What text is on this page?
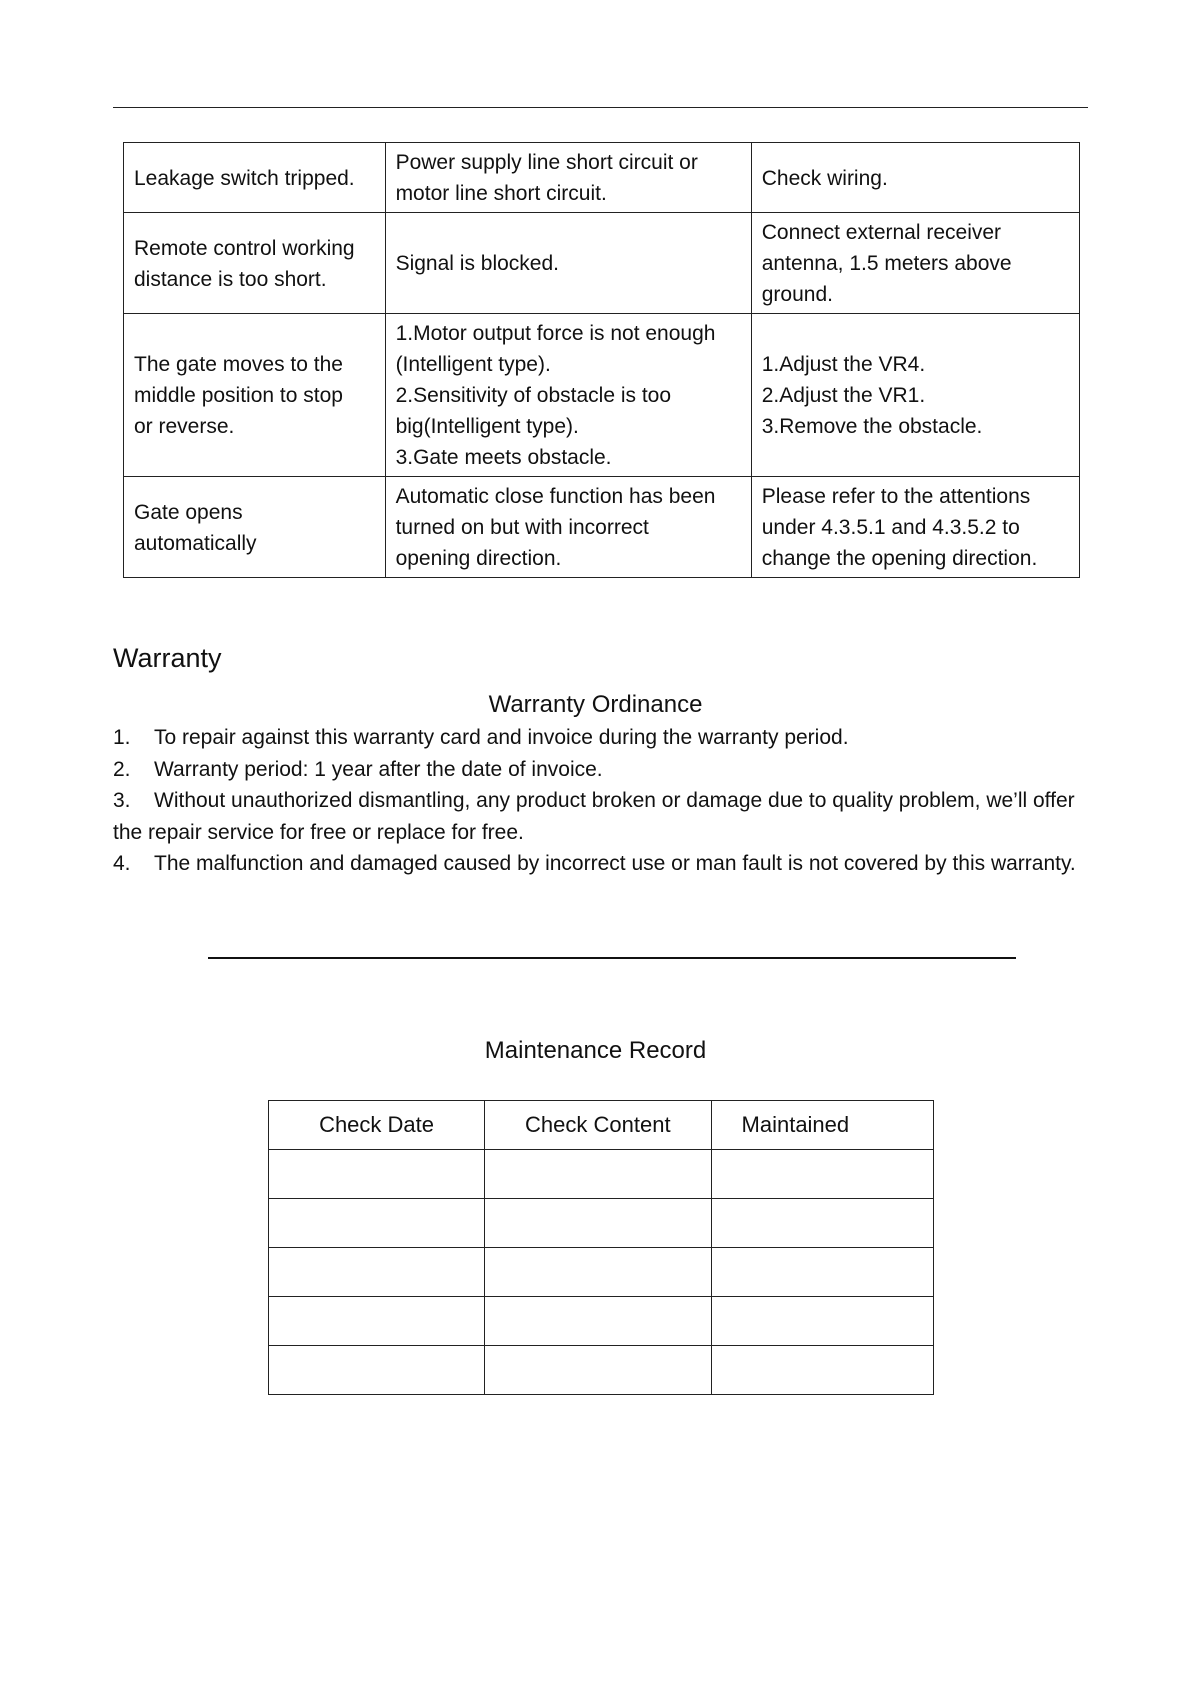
Leakage switch tripped.	Power supply line short circuit or
motor line short circuit.	Check wiring.

Remote control working
distance is too short.	Signal is blocked.	Connect external receiver
antenna, 1.5 meters above
ground.

The gate moves to the
middle position to stop
or reverse.	1.Motor output force is not enough
(Intelligent type).
2.Sensitivity of obstacle is too
big(Intelligent type).
3.Gate meets obstacle.	1.Adjust the VR4.
2.Adjust the VR1.
3.Remove the obstacle.

Gate opens
automatically	Automatic close function has been
turned on but with incorrect
opening direction.	Please refer to the attentions
under 4.3.5.1 and 4.3.5.2 to
change the opening direction.
Warranty
Warranty Ordinance

1. To repair against this warranty card and invoice during the warranty period.

2. Warranty period: 1 year after the date of invoice.

3. Without unauthorized dismantling, any product broken or damage due to quality problem, we’ll offer the repair service for free or replace for free.

4. The malfunction and damaged caused by incorrect use or man fault is not covered by this warranty.

Maintenance Record
Check Date	Check Content	Maintained
